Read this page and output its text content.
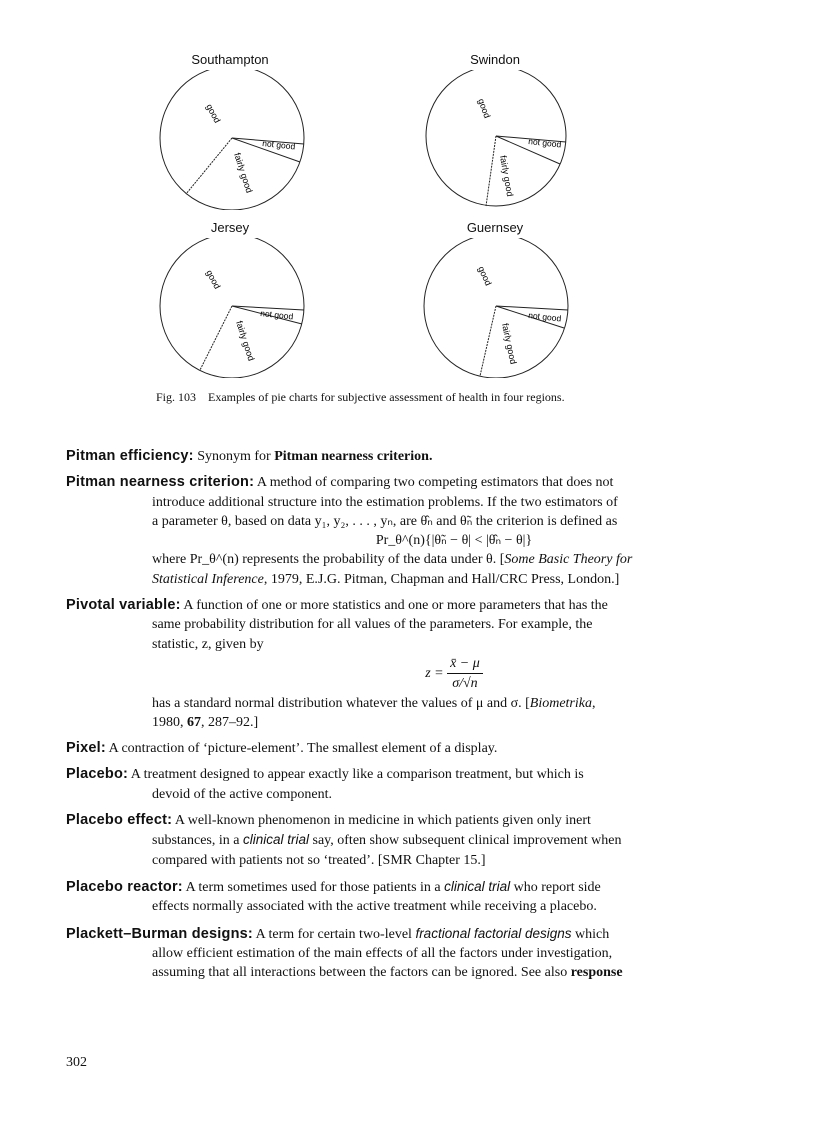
Southampton
good
not good
fairly good
Swindon
good
not good
fairly good
Jersey
good
not good
fairly good
Guernsey
good
not good
fairly good
Fig. 103 Examples of pie charts for subjective assessment of health in four regions.
Pitman efficiency: Synonym for Pitman nearness criterion.
Pitman nearness criterion: A method of comparing two competing estimators that does not
introduce additional structure into the estimation problems. If the two estimators of
a parameter θ, based on data y₁, y₂, . . . , yₙ, are θ̂ₙ and θ̃ₙ the criterion is defined as
Pr_θ^(n){|θ̃ₙ − θ| < |θ̂ₙ − θ|}
where Pr_θ^(n) represents the probability of the data under θ. [Some Basic Theory for
Statistical Inference, 1979, E.J.G. Pitman, Chapman and Hall/CRC Press, London.]
Pivotal variable: A function of one or more statistics and one or more parameters that has the
same probability distribution for all values of the parameters. For example, the
statistic, z, given by
$z = \frac{x̄ - \mu}{\sigma/√n}$
has a standard normal distribution whatever the values of μ and σ. [Biometrika,
1980, 67, 287–92.]
Pixel: A contraction of ‘picture-element’. The smallest element of a display.
Placebo: A treatment designed to appear exactly like a comparison treatment, but which is
devoid of the active component.
Placebo effect: A well-known phenomenon in medicine in which patients given only inert
substances, in a clinical trial say, often show subsequent clinical improvement when
compared with patients not so ‘treated’. [SMR Chapter 15.]
Placebo reactor: A term sometimes used for those patients in a clinical trial who report side
effects normally associated with the active treatment while receiving a placebo.
Plackett–Burman designs: A term for certain two-level fractional factorial designs which
allow efficient estimation of the main effects of all the factors under investigation,
assuming that all interactions between the factors can be ignored. See also response
302
